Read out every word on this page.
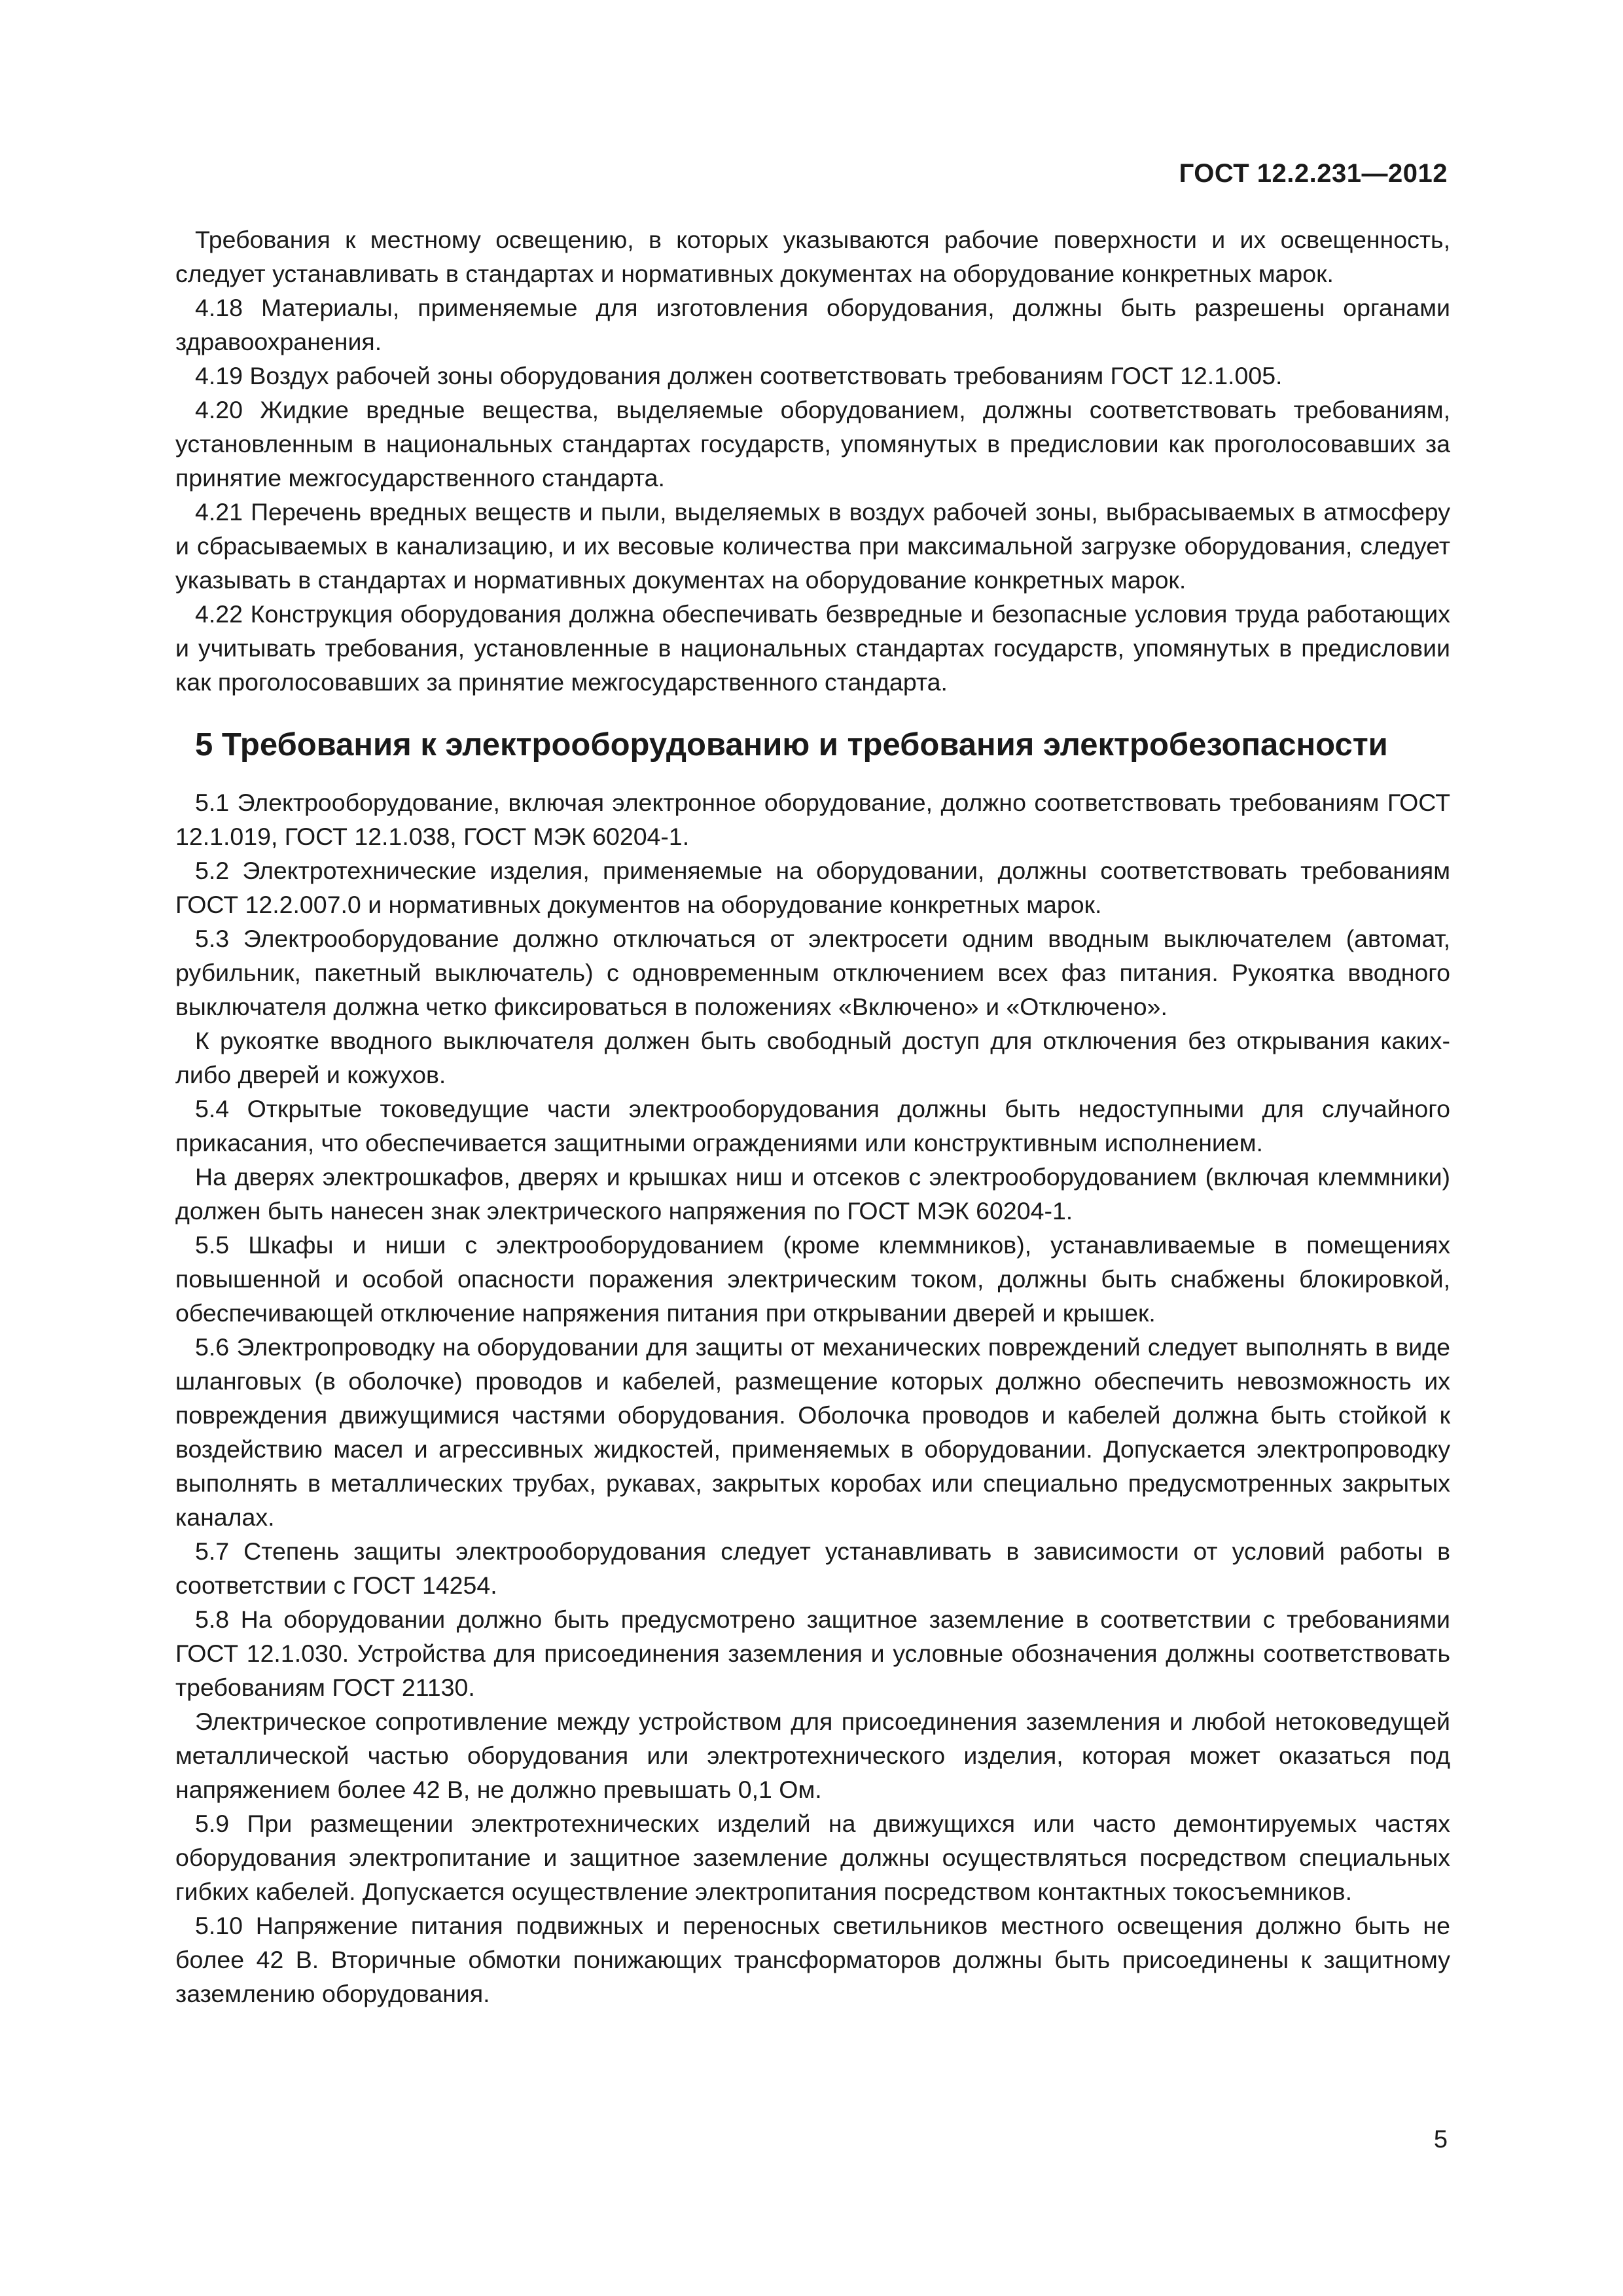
ГОСТ 12.2.231—2012

Требования к местному освещению, в которых указываются рабочие поверхности и их освещенность, следует устанавливать в стандартах и нормативных документах на оборудование конкретных марок.

4.18 Материалы, применяемые для изготовления оборудования, должны быть разрешены органами здравоохранения.

4.19 Воздух рабочей зоны оборудования должен соответствовать требованиям ГОСТ 12.1.005.

4.20 Жидкие вредные вещества, выделяемые оборудованием, должны соответствовать требованиям, установленным в национальных стандартах государств, упомянутых в предисловии как проголосовавших за принятие межгосударственного стандарта.

4.21 Перечень вредных веществ и пыли, выделяемых в воздух рабочей зоны, выбрасываемых в атмосферу и сбрасываемых в канализацию, и их весовые количества при максимальной загрузке оборудования, следует указывать в стандартах и нормативных документах на оборудование конкретных марок.

4.22 Конструкция оборудования должна обеспечивать безвредные и безопасные условия труда работающих и учитывать требования, установленные в национальных стандартах государств, упомянутых в предисловии как проголосовавших за принятие межгосударственного стандарта.

5 Требования к электрооборудованию и требования электробезопасности

5.1 Электрооборудование, включая электронное оборудование, должно соответствовать требованиям ГОСТ 12.1.019, ГОСТ 12.1.038, ГОСТ МЭК 60204-1.

5.2 Электротехнические изделия, применяемые на оборудовании, должны соответствовать требованиям ГОСТ 12.2.007.0 и нормативных документов на оборудование конкретных марок.

5.3 Электрооборудование должно отключаться от электросети одним вводным выключателем (автомат, рубильник, пакетный выключатель) с одновременным отключением всех фаз питания. Рукоятка вводного выключателя должна четко фиксироваться в положениях «Включено» и «Отключено».

К рукоятке вводного выключателя должен быть свободный доступ для отключения без открывания каких-либо дверей и кожухов.

5.4 Открытые токоведущие части электрооборудования должны быть недоступными для случайного прикасания, что обеспечивается защитными ограждениями или конструктивным исполнением.

На дверях электрошкафов, дверях и крышках ниш и отсеков с электрооборудованием (включая клеммники) должен быть нанесен знак электрического напряжения по ГОСТ МЭК 60204-1.

5.5 Шкафы и ниши с электрооборудованием (кроме клеммников), устанавливаемые в помещениях повышенной и особой опасности поражения электрическим током, должны быть снабжены блокировкой, обеспечивающей отключение напряжения питания при открывании дверей и крышек.

5.6 Электропроводку на оборудовании для защиты от механических повреждений следует выполнять в виде шланговых (в оболочке) проводов и кабелей, размещение которых должно обеспечить невозможность их повреждения движущимися частями оборудования. Оболочка проводов и кабелей должна быть стойкой к воздействию масел и агрессивных жидкостей, применяемых в оборудовании. Допускается электропроводку выполнять в металлических трубах, рукавах, закрытых коробах или специально предусмотренных закрытых каналах.

5.7 Степень защиты электрооборудования следует устанавливать в зависимости от условий работы в соответствии с ГОСТ 14254.

5.8 На оборудовании должно быть предусмотрено защитное заземление в соответствии с требованиями ГОСТ 12.1.030. Устройства для присоединения заземления и условные обозначения должны соответствовать требованиям ГОСТ 21130.

Электрическое сопротивление между устройством для присоединения заземления и любой нетоковедущей металлической частью оборудования или электротехнического изделия, которая может оказаться под напряжением более 42 В, не должно превышать 0,1 Ом.

5.9 При размещении электротехнических изделий на движущихся или часто демонтируемых частях оборудования электропитание и защитное заземление должны осуществляться посредством специальных гибких кабелей. Допускается осуществление электропитания посредством контактных токосъемников.

5.10 Напряжение питания подвижных и переносных светильников местного освещения должно быть не более 42 В. Вторичные обмотки понижающих трансформаторов должны быть присоединены к защитному заземлению оборудования.

5
